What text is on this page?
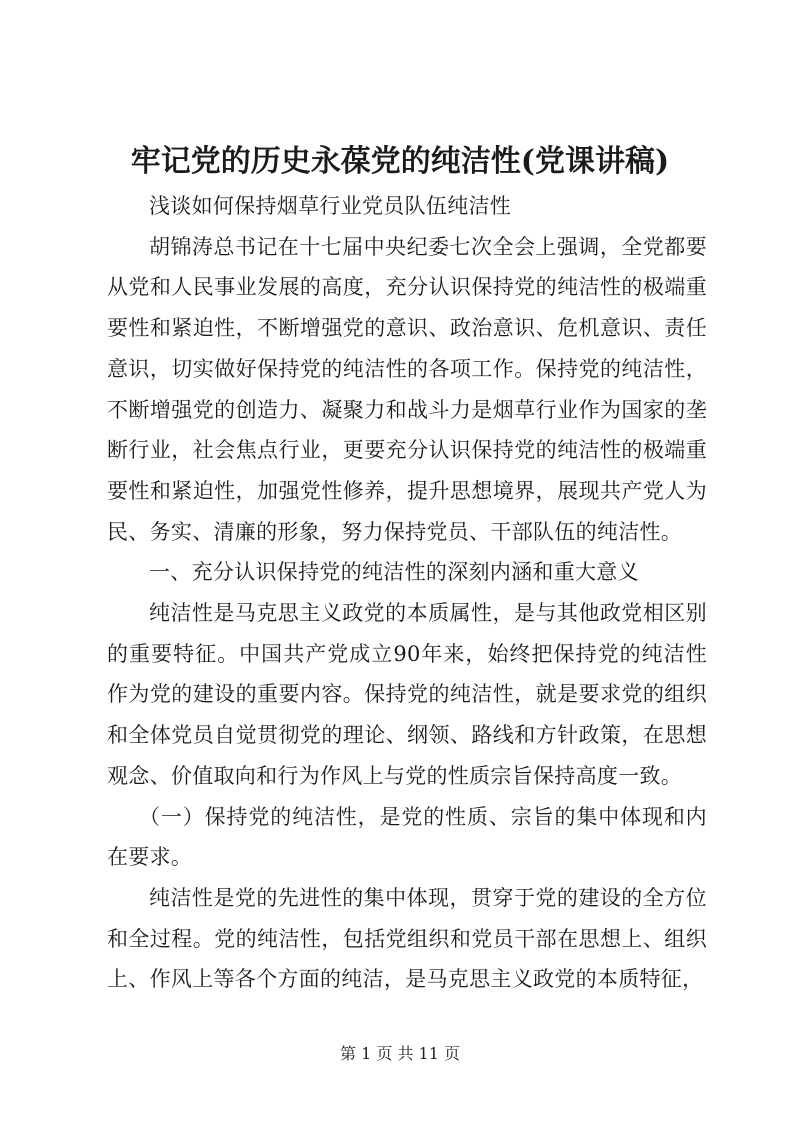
牢记党的历史永葆党的纯洁性(党课讲稿)

浅谈如何保持烟草行业党员队伍纯洁性

胡锦涛总书记在十七届中央纪委七次全会上强调，全党都要从党和人民事业发展的高度，充分认识保持党的纯洁性的极端重要性和紧迫性，不断增强党的意识、政治意识、危机意识、责任意识，切实做好保持党的纯洁性的各项工作。保持党的纯洁性，不断增强党的创造力、凝聚力和战斗力是烟草行业作为国家的垄断行业，社会焦点行业，更要充分认识保持党的纯洁性的极端重要性和紧迫性，加强党性修养，提升思想境界，展现共产党人为民、务实、清廉的形象，努力保持党员、干部队伍的纯洁性。

一、充分认识保持党的纯洁性的深刻内涵和重大意义

纯洁性是马克思主义政党的本质属性，是与其他政党相区别的重要特征。中国共产党成立90年来，始终把保持党的纯洁性作为党的建设的重要内容。保持党的纯洁性，就是要求党的组织和全体党员自觉贯彻党的理论、纲领、路线和方针政策，在思想观念、价值取向和行为作风上与党的性质宗旨保持高度一致。

（一）保持党的纯洁性，是党的性质、宗旨的集中体现和内在要求。

纯洁性是党的先进性的集中体现，贯穿于党的建设的全方位和全过程。党的纯洁性，包括党组织和党员干部在思想上、组织上、作风上等各个方面的纯洁，是马克思主义政党的本质特征，

第 1 页 共 11 页
